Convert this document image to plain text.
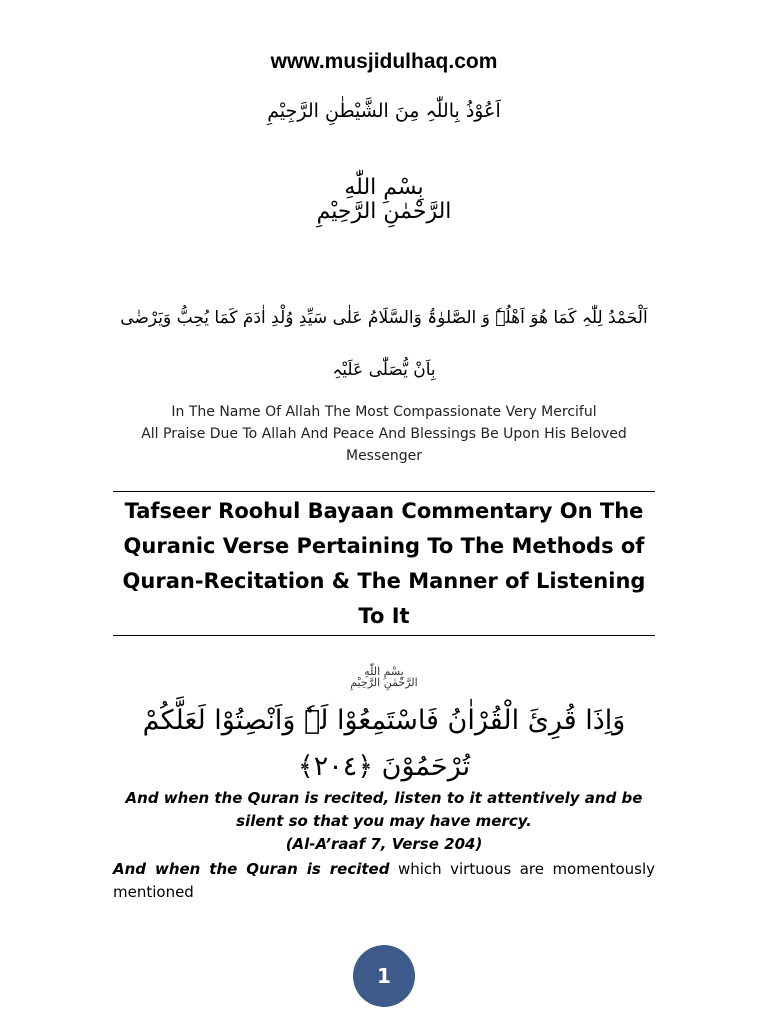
www.musjidulhaq.com
اَعُوْذُ بِاللّٰہِ مِنَ الشَّیْطٰنِ الرَّجِیْمِ
بِسْمِ اللّٰهِ
الرَّحْمٰنِ الرَّحِیْمِ
اَلْحَمْدُ لِلّٰہِ كَمَا ھُوَ اَھْلُہٗ وَ الصَّلوٰۃُ وَالسَّلَامُ عَلٰى سَیِّدِ وُلْدِ اٰدَمَ كَمَا یُحِبُّ وَیَرْضٰى بِاَنْ یُّصَلّٰى عَلَیْہِ
In The Name Of Allah The Most Compassionate Very Merciful
All Praise Due To Allah And Peace And Blessings Be Upon His Beloved Messenger
Tafseer Roohul Bayaan Commentary On The Quranic Verse Pertaining To The Methods of Quran-Recitation & The Manner of Listening To It
بِسْمِ اللّٰهِ
الرَّحْمٰنِ الرَّحِيْمِ
وَاِذَا قُرِئَ الْقُرْاٰنُ فَاسْتَمِعُوْا لَہٗ وَاَنْصِتُوْا لَعَلَّكُمْ تُرْحَمُوْنَ ﴿٢٠٤﴾
And when the Quran is recited, listen to it attentively and be silent so that you may have mercy.
(Al-A’raaf 7, Verse 204)
And when the Quran is recited which virtuous are momentously mentioned
1
